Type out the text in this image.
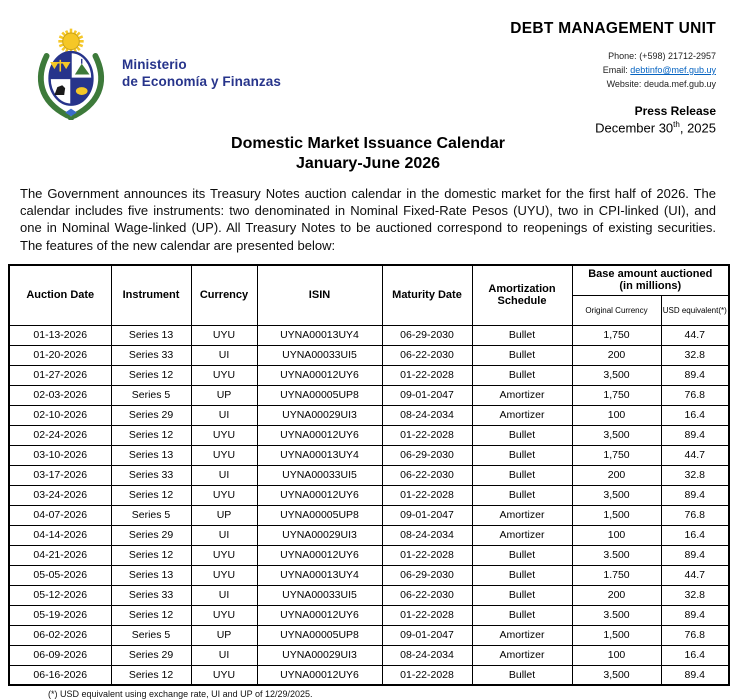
Ministerio
de Economía y Finanzas
DEBT MANAGEMENT UNIT
Phone: (+598) 21712-2957
Email: debtinfo@mef.gub.uy
Website: deuda.mef.gub.uy
Press Release
December 30th, 2025
Domestic Market Issuance Calendar
January-June 2026

The Government announces its Treasury Notes auction calendar in the domestic market for the first half of 2026. The calendar includes five instruments: two denominated in Nominal Fixed-Rate Pesos (UYU), two in CPI-linked (UI), and one in Nominal Wage-linked (UP). All Treasury Notes to be auctioned correspond to reopenings of existing securities. The features of the new calendar are presented below:

Auction Date	Instrument	Currency	ISIN	Maturity Date	Amortization Schedule	Base amount auctioned
(in millions)	

						Original Currency	USD equivalent(*)
01-13-2026	Series 13	UYU	UYNA00013UY4	06-29-2030	Bullet	1,750	44.7
01-20-2026	Series 33	UI	UYNA00033UI5	06-22-2030	Bullet	200	32.8
01-27-2026	Series 12	UYU	UYNA00012UY6	01-22-2028	Bullet	3,500	89.4
02-03-2026	Series 5	UP	UYNA00005UP8	09-01-2047	Amortizer	1,750	76.8
02-10-2026	Series 29	UI	UYNA00029UI3	08-24-2034	Amortizer	100	16.4
02-24-2026	Series 12	UYU	UYNA00012UY6	01-22-2028	Bullet	3,500	89.4
03-10-2026	Series 13	UYU	UYNA00013UY4	06-29-2030	Bullet	1,750	44.7
03-17-2026	Series 33	UI	UYNA00033UI5	06-22-2030	Bullet	200	32.8
03-24-2026	Series 12	UYU	UYNA00012UY6	01-22-2028	Bullet	3,500	89.4
04-07-2026	Series 5	UP	UYNA00005UP8	09-01-2047	Amortizer	1,500	76.8
04-14-2026	Series 29	UI	UYNA00029UI3	08-24-2034	Amortizer	100	16.4
04-21-2026	Series 12	UYU	UYNA00012UY6	01-22-2028	Bullet	3.500	89.4
05-05-2026	Series 13	UYU	UYNA00013UY4	06-29-2030	Bullet	1.750	44.7
05-12-2026	Series 33	UI	UYNA00033UI5	06-22-2030	Bullet	200	32.8
05-19-2026	Series 12	UYU	UYNA00012UY6	01-22-2028	Bullet	3.500	89.4
06-02-2026	Series 5	UP	UYNA00005UP8	09-01-2047	Amortizer	1,500	76.8
06-09-2026	Series 29	UI	UYNA00029UI3	08-24-2034	Amortizer	100	16.4
06-16-2026	Series 12	UYU	UYNA00012UY6	01-22-2028	Bullet	3,500	89.4
(*) USD equivalent using exchange rate, UI and UP of 12/29/2025.
